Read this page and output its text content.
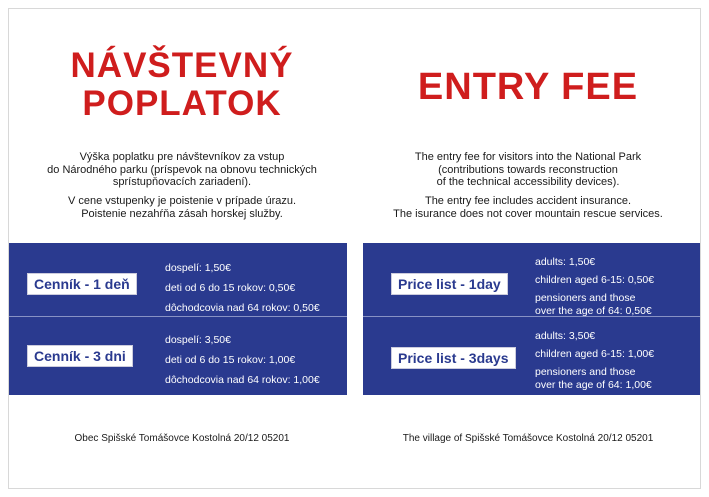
NÁVŠTEVNÝ
POPLATOK
Výška poplatku pre návštevníkov za vstup
do Národného parku (príspevok na obnovu technických
sprístupňovacích zariadení).
V cene vstupenky je poistenie v prípade úrazu.
Poistenie nezahŕňa zásah horskej služby.
Obec Spišské Tomášovce Kostolná 20/12 05201
Cenník - 1 deň
dospelí: 1,50€
deti od 6 do 15 rokov: 0,50€
dôchodcovia nad 64 rokov: 0,50€
Cenník - 3 dni
dospelí: 3,50€
deti od 6 do 15 rokov: 1,00€
dôchodcovia nad 64 rokov: 1,00€
ENTRY FEE
The entry fee for visitors into the National Park
(contributions towards reconstruction
of the technical accessibility devices).
The entry fee includes accident insurance.
The isurance does not cover mountain rescue services.
The village of Spišské Tomášovce Kostolná 20/12 05201
Price list - 1day
adults: 1,50€
children aged 6-15: 0,50€
pensioners and those
over the age of 64: 0,50€
Price list - 3days
adults: 3,50€
children aged 6-15: 1,00€
pensioners and those
over the age of 64: 1,00€
